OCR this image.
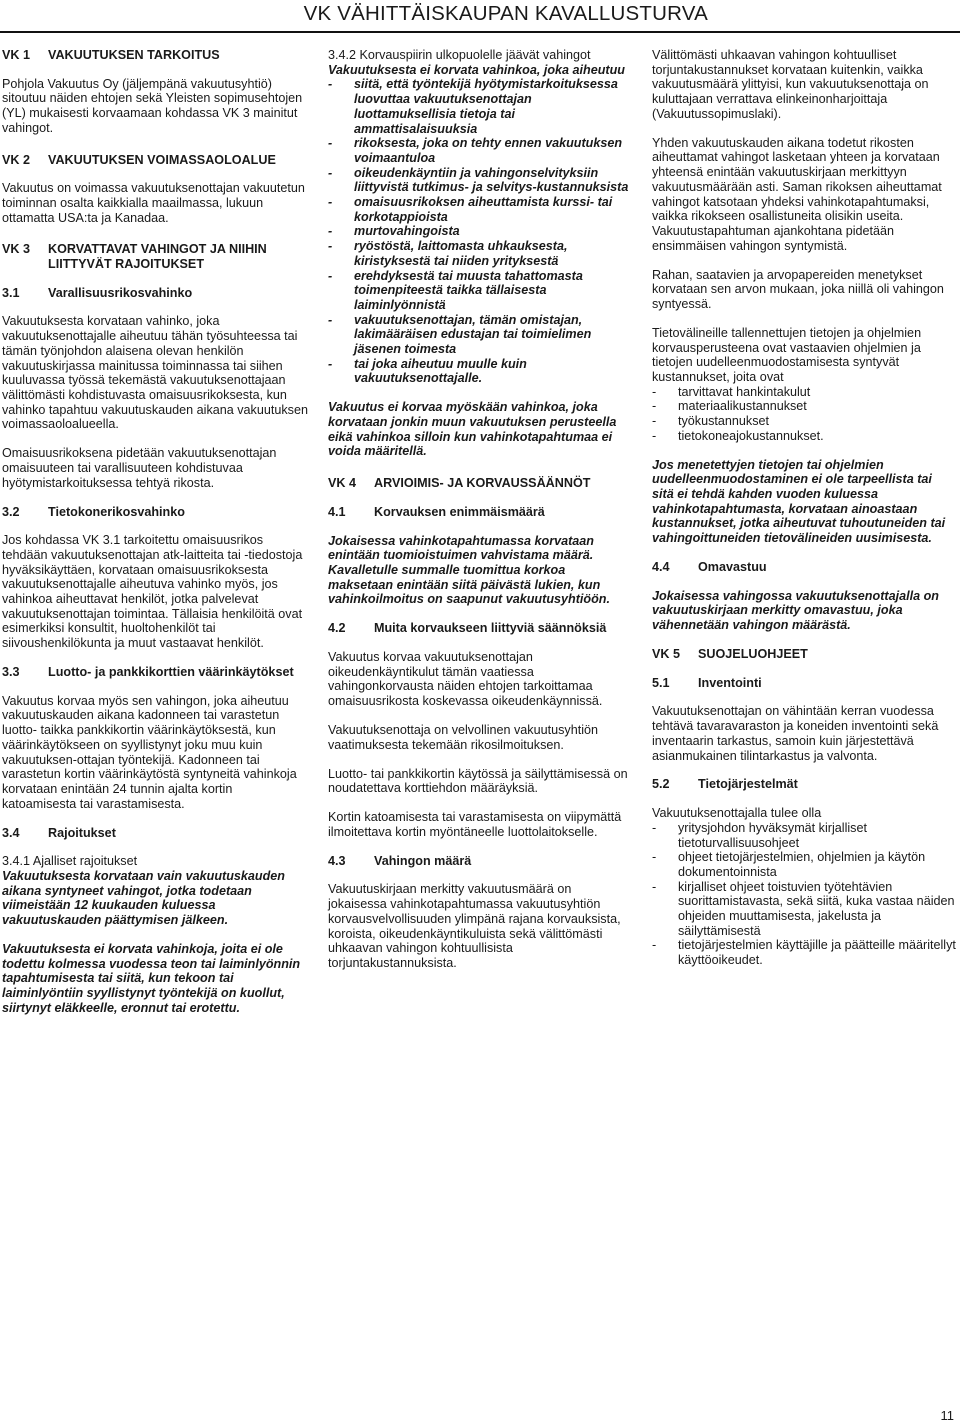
VK VÄHITTÄISKAUPAN KAVALLUSTURVA
VK 1	VAKUUTUKSEN TARKOITUS

Pohjola Vakuutus Oy (jäljempänä vakuutusyhtiö) sitoutuu näiden ehtojen sekä Yleisten sopimusehtojen (YL) mukaisesti korvaamaan kohdassa VK 3 mainitut vahingot.

VK 2	VAKUUTUKSEN VOIMASSAOLOALUE

Vakuutus on voimassa vakuutuksenottajan vakuutetun toiminnan osalta kaikkialla maailmassa, lukuun ottamatta USA:ta ja Kanadaa.

VK 3	KORVATTAVAT VAHINGOT JA NIIHIN LIITTYVÄT RAJOITUKSET
3.1	Varallisuusrikosvahinko

Vakuutuksesta korvataan vahinko, joka vakuutuksenottajalle aiheutuu tähän työsuhteessa tai tämän työnjohdon alaisena olevan henkilön vakuutuskirjassa mainitussa toiminnassa tai siihen kuuluvassa työssä tekemästä vakuutuksenottajaan välittömästi kohdistuvasta omaisuusrikoksesta, kun vahinko tapahtuu vakuutuskauden aikana vakuutuksen voimassaoloalueella.

Omaisuusrikoksena pidetään vakuutuksenottajan omaisuuteen tai varallisuuteen kohdistuvaa hyötymistarkoituksessa tehtyä rikosta.

3.2	Tietokonerikosvahinko

Jos kohdassa VK 3.1 tarkoitettu omaisuusrikos tehdään vakuutuksenottajan atk-laitteita tai -tiedostoja hyväksikäyttäen, korvataan omaisuusrikoksesta vakuutuksenottajalle aiheutuva vahinko myös, jos vahinkoa aiheuttavat henkilöt, jotka palvelevat vakuutuksenottajan toimintaa. Tällaisia henkilöitä ovat esimerkiksi konsultit, huoltohenkilöt tai siivoushenkilökunta ja muut vastaavat henkilöt.

3.3	Luotto- ja pankkikorttien väärinkäytökset

Vakuutus korvaa myös sen vahingon, joka aiheutuu vakuutuskauden aikana kadonneen tai varastetun luotto- taikka pankkikortin väärinkäytöksestä, kun väärinkäytökseen on syyllistynyt joku muu kuin vakuutuksen-ottajan työntekijä. Kadonneen tai varastetun kortin väärinkäytöstä syntyneitä vahinkoja korvataan enintään 24 tunnin ajalta kortin katoamisesta tai varastamisesta.

3.4	Rajoitukset

3.4.1 Ajalliset rajoitukset

Vakuutuksesta korvataan vain vakuutuskauden aikana syntyneet vahingot, jotka todetaan viimeistään 12 kuukauden kuluessa vakuutuskauden päättymisen jälkeen.

Vakuutuksesta ei korvata vahinkoja, joita ei ole todettu kolmessa vuodessa teon tai laiminlyönnin tapahtumisesta tai siitä, kun tekoon tai laiminlyöntiin syyllistynyt työntekijä on kuollut, siirtynyt eläkkeelle, eronnut tai erotettu.

3.4.2 Korvauspiirin ulkopuolelle jäävät vahingot

Vakuutuksesta ei korvata vahinkoa, joka aiheutuu

-	siitä, että työntekijä hyötymistarkoituksessa luovuttaa vakuutuksenottajan luottamuksellisia tietoja tai ammattisalaisuuksia
-	rikoksesta, joka on tehty ennen vakuutuksen voimaantuloa
-	oikeudenkäyntiin ja vahingonselvityksiin liittyvistä tutkimus- ja selvitys-kustannuksista
-	omaisuusrikoksen aiheuttamista kurssi- tai korkotappioista
-	murtovahingoista
-	ryöstöstä, laittomasta uhkauksesta, kiristyksestä tai niiden yrityksestä
-	erehdyksestä tai muusta tahattomasta toimenpiteestä taikka tällaisesta laiminlyönnistä
-	vakuutuksenottajan, tämän omistajan, lakimääräisen edustajan tai toimielimen jäsenen toimesta
-	tai joka aiheutuu muulle kuin vakuutuksenottajalle.

Vakuutus ei korvaa myöskään vahinkoa, joka korvataan jonkin muun vakuutuksen perusteella eikä vahinkoa silloin kun vahinkotapahtumaa ei voida määritellä.

VK 4	ARVIOIMIS- JA KORVAUSSÄÄNNÖT
4.1	Korvauksen enimmäismäärä

Jokaisessa vahinkotapahtumassa korvataan enintään tuomioistuimen vahvistama määrä. Kavalletulle summalle tuomittua korkoa maksetaan enintään siitä päivästä lukien, kun vahinkoilmoitus on saapunut vakuutusyhtiöön.

4.2	Muita korvaukseen liittyviä säännöksiä

Vakuutus korvaa vakuutuksenottajan oikeudenkäyntikulut tämän vaatiessa vahingonkorvausta näiden ehtojen tarkoittamaa omaisuusrikosta koskevassa oikeudenkäynnissä.

Vakuutuksenottaja on velvollinen vakuutusyhtiön vaatimuksesta tekemään rikosilmoituksen.

Luotto- tai pankkikortin käytössä ja säilyttämisessä on noudatettava korttiehdon määräyksiä.

Kortin katoamisesta tai varastamisesta on viipymättä ilmoitettava kortin myöntäneelle luottolaitokselle.

4.3	Vahingon määrä

Vakuutuskirjaan merkitty vakuutusmäärä on jokaisessa vahinkotapahtumassa vakuutusyhtiön korvausvelvollisuuden ylimpänä rajana korvauksista, koroista, oikeudenkäyntikuluista sekä välittömästi uhkaavan vahingon kohtuullisista torjuntakustannuksista.

Välittömästi uhkaavan vahingon kohtuulliset torjuntakustannukset korvataan kuitenkin, vaikka vakuutusmäärä ylittyisi, kun vakuutuksenottaja on kuluttajaan verrattava elinkeinonharjoittaja (Vakuutussopimuslaki).

Yhden vakuutuskauden aikana todetut rikosten aiheuttamat vahingot lasketaan yhteen ja korvataan yhteensä enintään vakuutuskirjaan merkittyyn vakuutusmäärään asti. Saman rikoksen aiheuttamat vahingot katsotaan yhdeksi vahinkotapahtumaksi, vaikka rikokseen osallistuneita olisikin useita. Vakuutustapahtuman ajankohtana pidetään ensimmäisen vahingon syntymistä.

Rahan, saatavien ja arvopapereiden menetykset korvataan sen arvon mukaan, joka niillä oli vahingon syntyessä.

Tietovälineille tallennettujen tietojen ja ohjelmien korvausperusteena ovat vastaavien ohjelmien ja tietojen uudelleenmuodostamisesta syntyvät kustannukset, joita ovat

-	tarvittavat hankintakulut
-	materiaalikustannukset
-	työkustannukset
-	tietokoneajokustannukset.

Jos menetettyjen tietojen tai ohjelmien uudelleenmuodostaminen ei ole tarpeellista tai sitä ei tehdä kahden vuoden kuluessa vahinkotapahtumasta, korvataan ainoastaan kustannukset, jotka aiheutuvat tuhoutuneiden tai vahingoittuneiden tietovälineiden uusimisesta.

4.4	Omavastuu

Jokaisessa vahingossa vakuutuksenottajalla on vakuutuskirjaan merkitty omavastuu, joka vähennetään vahingon määrästä.

VK 5	SUOJELUOHJEET
5.1	Inventointi

Vakuutuksenottajan on vähintään kerran vuodessa tehtävä tavaravaraston ja koneiden inventointi sekä inventaarin tarkastus, samoin kuin järjestettävä asianmukainen tilintarkastus ja valvonta.

5.2	Tietojärjestelmät

Vakuutuksenottajalla tulee olla

-	yritysjohdon hyväksymät kirjalliset tietoturvallisuusohjeet
-	ohjeet tietojärjestelmien, ohjelmien ja käytön dokumentoinnista
-	kirjalliset ohjeet toistuvien työtehtävien suorittamistavasta, sekä siitä, kuka vastaa näiden ohjeiden muuttamisesta, jakelusta ja säilyttämisestä
-	tietojärjestelmien käyttäjille ja päätteille määritellyt käyttöoikeudet.
11
